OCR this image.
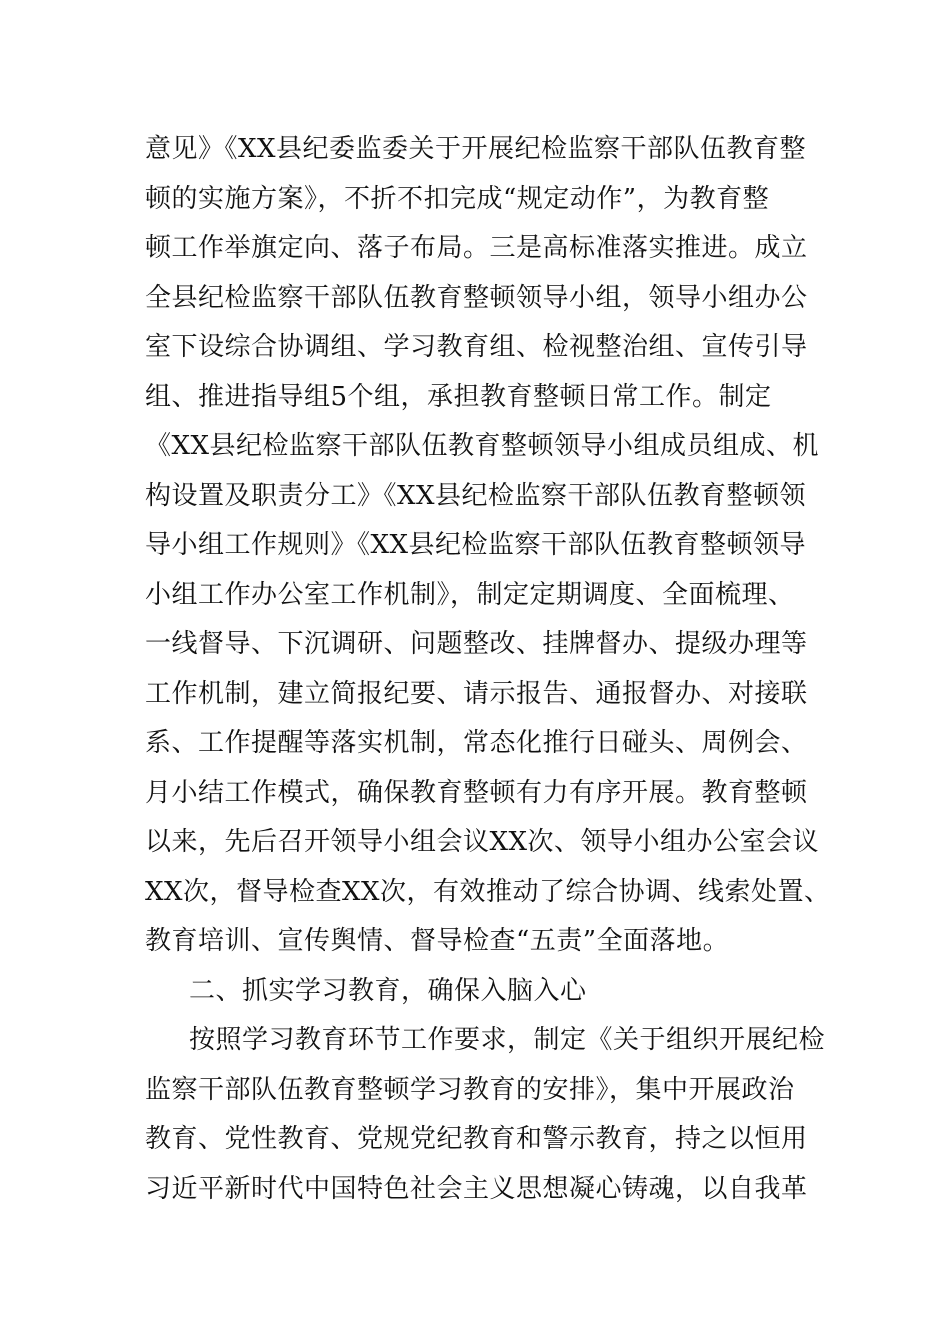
意见》《XX县纪委监委关于开展纪检监察干部队伍教育整
顿的实施方案》，不折不扣完成“规定动作”，为教育整
顿工作举旗定向、落子布局。三是高标准落实推进。成立
全县纪检监察干部队伍教育整顿领导小组，领导小组办公
室下设综合协调组、学习教育组、检视整治组、宣传引导
组、推进指导组5个组，承担教育整顿日常工作。制定
《XX县纪检监察干部队伍教育整顿领导小组成员组成、机
构设置及职责分工》《XX县纪检监察干部队伍教育整顿领
导小组工作规则》《XX县纪检监察干部队伍教育整顿领导
小组工作办公室工作机制》，制定定期调度、全面梳理、
一线督导、下沉调研、问题整改、挂牌督办、提级办理等
工作机制，建立简报纪要、请示报告、通报督办、对接联
系、工作提醒等落实机制，常态化推行日碰头、周例会、
月小结工作模式，确保教育整顿有力有序开展。教育整顿
以来，先后召开领导小组会议XX次、领导小组办公室会议
XX次，督导检查XX次，有效推动了综合协调、线索处置、
教育培训、宣传舆情、督导检查“五责”全面落地。
二、抓实学习教育，确保入脑入心
按照学习教育环节工作要求，制定《关于组织开展纪检
监察干部队伍教育整顿学习教育的安排》，集中开展政治
教育、党性教育、党规党纪教育和警示教育，持之以恒用
习近平新时代中国特色社会主义思想凝心铸魂，以自我革
